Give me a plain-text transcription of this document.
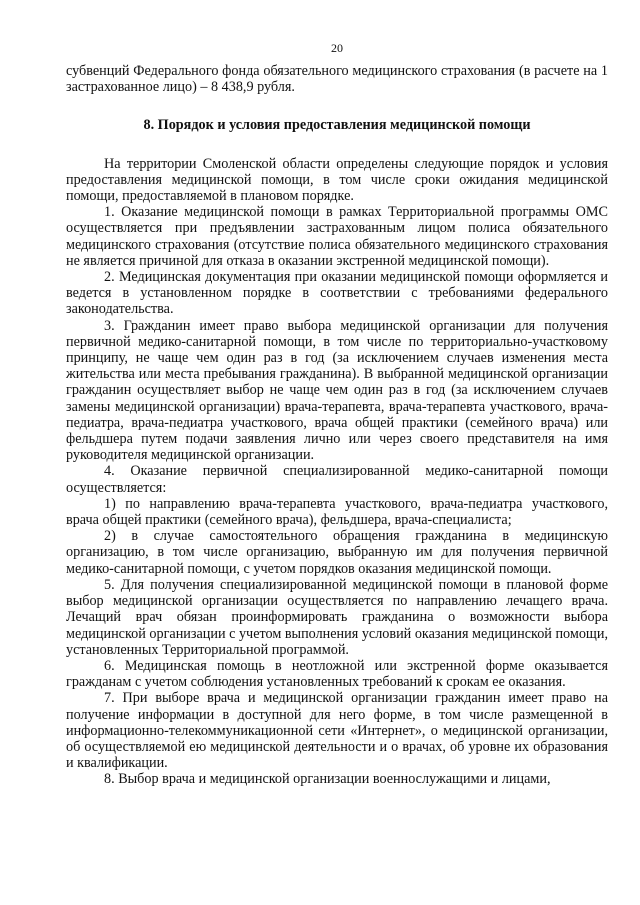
20

субвенций Федерального фонда обязательного медицинского страхования (в расчете на 1 застрахованное лицо) – 8 438,9 рубля.

8. Порядок и условия предоставления медицинской помощи

На территории Смоленской области определены следующие порядок и условия предоставления медицинской помощи, в том числе сроки ожидания медицинской помощи, предоставляемой в плановом порядке.

1. Оказание медицинской помощи в рамках Территориальной программы ОМС осуществляется при предъявлении застрахованным лицом полиса обязательного медицинского страхования (отсутствие полиса обязательного медицинского страхования не является причиной для отказа в оказании экстренной медицинской помощи).

2. Медицинская документация при оказании медицинской помощи оформляется и ведется в установленном порядке в соответствии с требованиями федерального законодательства.

3. Гражданин имеет право выбора медицинской организации для получения первичной медико-санитарной помощи, в том числе по территориально-участковому принципу, не чаще чем один раз в год (за исключением случаев изменения места жительства или места пребывания гражданина). В выбранной медицинской организации гражданин осуществляет выбор не чаще чем один раз в год (за исключением случаев замены медицинской организации) врача-терапевта, врача-терапевта участкового, врача-педиатра, врача-педиатра участкового, врача общей практики (семейного врача) или фельдшера путем подачи заявления лично или через своего представителя на имя руководителя медицинской организации.

4. Оказание первичной специализированной медико-санитарной помощи осуществляется:

1) по направлению врача-терапевта участкового, врача-педиатра участкового, врача общей практики (семейного врача), фельдшера, врача-специалиста;

2) в случае самостоятельного обращения гражданина в медицинскую организацию, в том числе организацию, выбранную им для получения первичной медико-санитарной помощи, с учетом порядков оказания медицинской помощи.

5. Для получения специализированной медицинской помощи в плановой форме выбор медицинской организации осуществляется по направлению лечащего врача. Лечащий врач обязан проинформировать гражданина о возможности выбора медицинской организации с учетом выполнения условий оказания медицинской помощи, установленных Территориальной программой.

6. Медицинская помощь в неотложной или экстренной форме оказывается гражданам с учетом соблюдения установленных требований к срокам ее оказания.

7. При выборе врача и медицинской организации гражданин имеет право на получение информации в доступной для него форме, в том числе размещенной в информационно-телекоммуникационной сети «Интернет», о медицинской организации, об осуществляемой ею медицинской деятельности и о врачах, об уровне их образования и квалификации.

8. Выбор врача и медицинской организации военнослужащими и лицами,
